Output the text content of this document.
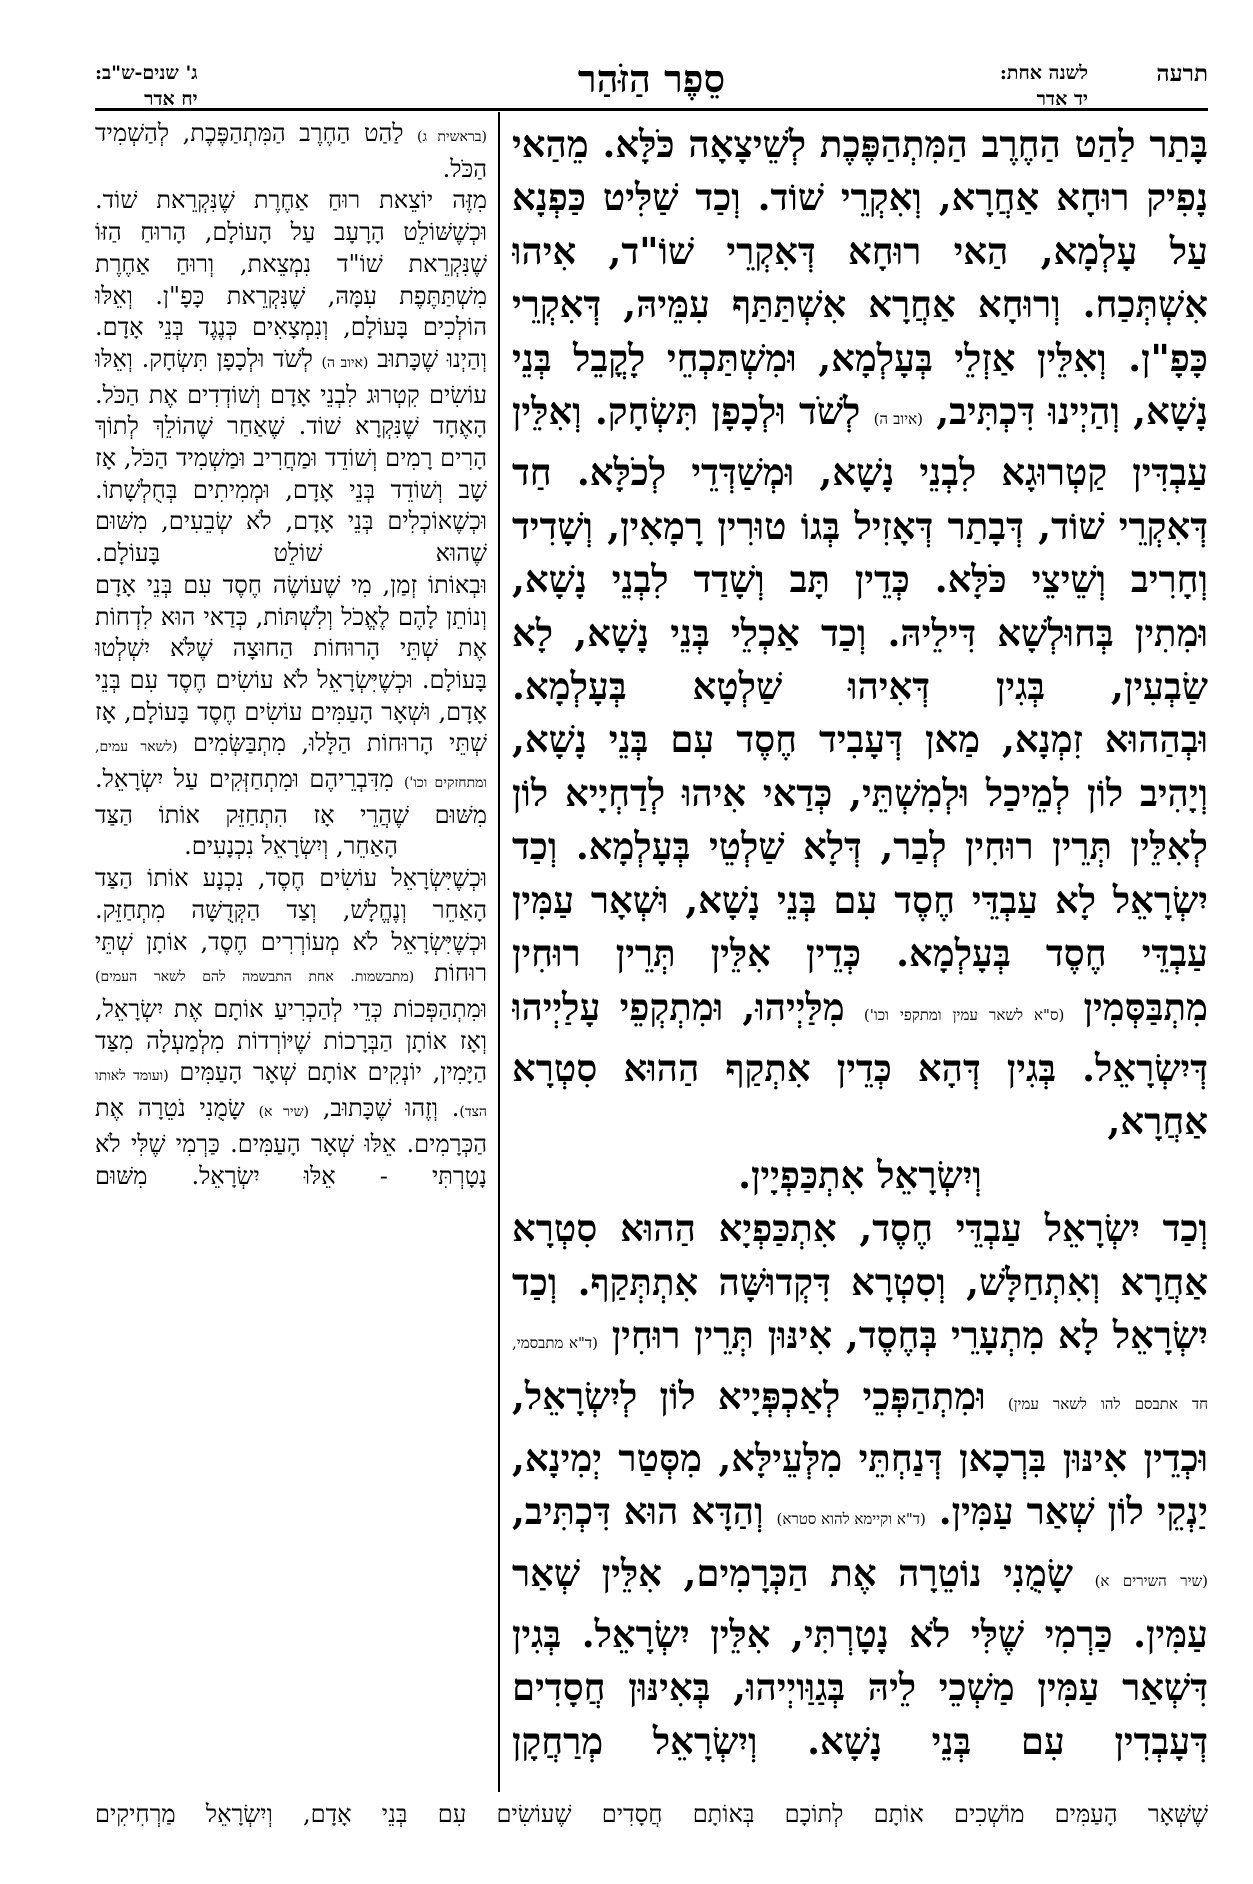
תרעה
לשנה אחת:
יד אדר
סֵפֶר הַזֹּהַר
ג' שנים-ש"ב:
יח אדר

בָּתַר לַהַט הַחֶרֶב הַמִּתְהַפֶּכֶת לְשֵׁיצָאָה כֹּלָּא. מֵהַאי נָפִיק רוּחָא אַחֲרָא, וְאִקְרֵי שׁוֹד. וְכַד שַׁלִּיט כַּפְנָא עַל עָלְמָא, הַאי רוּחָא דְּאִקְרֵי שׁוֹ"ד, אִיהוּ אִשְׁתְּכַח. וְרוּחָא אַחֲרָא אִשְׁתַּתַּף עִמֵּיהּ, דְּאִקְרֵי כָּפָ"ן. וְאִלֵּין אַזְלֵי בְּעָלְמָא, וּמִשְׁתַּכְחֵי לָקֳבֵל בְּנֵי נָשָׁא, וְהַיְינוּ דִּכְתִּיב, (איוב ה) לְשֹׁד וּלְכָפָן תִּשְׂחָק. וְאִלֵּין עַבְדִּין קַטְרוּגָא לִבְנֵי נָשָׁא, וּמְשַׁדְּדֵי לְכֹלָּא. חַד דְּאִקְרֵי שׁוֹד, דְּבָתַר דְּאָזִיל בְּגוֹ טוּרִין רָמָאִין, וְשָׁדִיד וְחָרִיב וְשֵׁיצֵי כֹּלָּא. כְּדֵין תָּב וְשָׁדַד לִבְנֵי נָשָׁא, וּמִתִין בְּחוּלְשָׁא דִּילֵיהּ. וְכַד אַכְלֵי בְּנֵי נָשָׁא, לָא שַׂבְעִין, בְּגִין דְּאִיהוּ שַׁלְטָא בְּעָלְמָא.

וּבְהַהוּא זִמְנָא, מַאן דְּעָבִיד חֶסֶד עִם בְּנֵי נָשָׁא, וְיָהִיב לוֹן לְמֵיכַל וּלְמִשְׁתֵּי, כְּדַאי אִיהוּ לְדַחְיָיא לוֹן לְאִלֵּין תְּרֵין רוּחִין לְבַר, דְּלָא שַׁלְטֵי בְּעָלְמָא. וְכַד יִשְׂרָאֵל לָא עַבְדֵּי חֶסֶד עִם בְּנֵי נָשָׁא, וּשְׁאָר עַמִּין עַבְדֵּי חֶסֶד בְּעָלְמָא. כְּדֵין אִלֵּין תְּרֵין רוּחִין מִתְבַּסְּמִין (ס"א לשאר עמין ומתקפי וכו') מִלַּיְיהוּ, וּמִתְקְפֵי עָלַיְיהוּ דְּיִשְׂרָאֵל. בְּגִין דְּהָא כְּדֵין אִתְקַף הַהוּא סִטְרָא אַחֲרָא,

וְיִשְׂרָאֵל אִתְכַּפְיָין.

וְכַד יִשְׂרָאֵל עַבְדֵּי חֶסֶד, אִתְכַּפְיָא הַהוּא סִטְרָא אַחֲרָא וְאִתְחַלָּשׁ, וְסִטְרָא דִּקְדוּשָּׁה אִתְתְּקַף. וְכַד יִשְׂרָאֵל לָא מִתְעָרֵי בְּחֶסֶד, אִינּוּן תְּרֵין רוּחִין (ד"א מתבסמי, חד אתבסם להו לשאר עמין) וּמִתְהַפְּכֵי לְאַכְפְּיָיא לוֹן לְיִשְׂרָאֵל, וּכְדֵין אִינּוּן בִּרְכָאן דְּנַחְתֵּי מִלְּעֵילָּא, מִסְּטַר יְמִינָא, יַנְקֵי לוֹן שְׁאַר עַמִּין. (ד"א וקיימא להוא סטרא) וְהַדָּא הוּא דִּכְתִּיב, (שיר השירים א) שָׂמֻנִי נוֹטֵרָה אֶת הַכְּרָמִים, אִלֵּין שְׁאַר עַמִּין. כַּרְמִי שֶׁלִּי לֹא נָטָרְתִּי, אִלֵּין יִשְׂרָאֵל. בְּגִין דִּשְׁאַר עַמִּין מַשְׁכֵי לֵיהּ בְּגַוַּויְיהוּ, בְּאִינּוּן חֲסָדִים דְּעָבְדִין עִם בְּנֵי נָשָׁא. וְיִשְׂרָאֵל מְרַחֲקָן

(בראשית ג) לַהַט הַחֶרֶב הַמִּתְהַפֶּכֶת, לְהַשְׁמִיד הַכֹּל.

מִזֶּה יוֹצֵאת רוּחַ אַחֶרֶת שֶׁנִּקְרֵאת שׁוֹד. וּכְשֶׁשּׁוֹלֵט הָרָעָב עַל הָעוֹלָם, הָרוּחַ הַזּוֹ שֶׁנִּקְרֵאת שׁוֹ"ד נִמְצֵאת, וְרוּחַ אַחֶרֶת מִשְׁתַּתֶּפֶת עִמָּהּ, שֶׁנִּקְרֵאת כָּפָ"ן. וְאֵלּוּ הוֹלְכִים בָּעוֹלָם, וְנִמְצָאִים כְּנֶגֶד בְּנֵי אָדָם. וְהַיְנוּ שֶׁכָּתוּב (איוב ה) לְשֹׁד וּלְכָפָן תִּשְׂחָק. וְאֵלּוּ עוֹשִׂים קִטְרוּג לִבְנֵי אָדָם וְשׁוֹדְדִים אֶת הַכֹּל. הָאֶחָד שֶׁנִּקְרָא שׁוֹד. שֶׁאַחַר שֶׁהוֹלֵךְ לְתוֹךְ הָרִים רָמִים וְשׁוֹדֵד וּמַחֲרִיב וּמַשְׁמִיד הַכֹּל, אָז שָׁב וְשׁוֹדֵד בְּנֵי אָדָם, וּמְמִיתִים בְּחֻלְשָׁתוֹ. וּכְשֶׁאוֹכְלִים בְּנֵי אָדָם, לֹא שְׂבֵעִים, מִשּׁוּם שֶׁהוּא שׁוֹלֵט בָּעוֹלָם.

וּבְאוֹתוֹ זְמַן, מִי שֶׁעוֹשֶׂה חֶסֶד עִם בְּנֵי אָדָם וְנוֹתֵן לָהֶם לֶאֱכֹל וְלִשְׁתּוֹת, כְּדַאי הוּא לִדְחוֹת אֶת שְׁתֵּי הָרוּחוֹת הַחוּצָה שֶׁלֹּא יִשְׁלְטוּ בָּעוֹלָם. וּכְשֶׁיִּשְׂרָאֵל לֹא עוֹשִׂים חֶסֶד עִם בְּנֵי אָדָם, וּשְׁאָר הָעַמִּים עוֹשִׂים חֶסֶד בָּעוֹלָם, אָז שְׁתֵּי הָרוּחוֹת הַלָּלוּ, מִתְבַּשְּׂמִים (לשאר עמים, ומתחזקים וכו') מִדִּבְרֵיהֶם וּמִתְחַזְּקִים עַל יִשְׂרָאֵל. מִשּׁוּם שֶׁהֲרֵי אָז הִתְחַזֵּק אוֹתוֹ הַצַּד

הָאַחֵר, וְיִשְׂרָאֵל נִכְנָעִים.

וּכְשֶׁיִּשְׂרָאֵל עוֹשִׂים חֶסֶד, נִכְנָע אוֹתוֹ הַצַּד הָאַחֵר וְנֶחֱלָשׁ, וְצַד הַקְּדֻשָּׁה מִתְחַזֵּק. וּכְשֶׁיִּשְׂרָאֵל לֹא מְעוֹרְרִים חֶסֶד, אוֹתָן שְׁתֵּי רוּחוֹת (מתבשמות. אחת התבשמה להם לשאר העמים) וּמִתְהַפְּכוֹת כְּדֵי לְהַכְרִיעַ אוֹתָם אֶת יִשְׂרָאֵל, וְאָז אוֹתָן הַבְּרָכוֹת שֶׁיּוֹרְדוֹת מִלְמַעְלָה מִצַּד הַיָּמִין, יוֹנְקִים אוֹתָם שְׁאָר הָעַמִּים (ועומד לאותו הצד). וְזֶהוּ שֶׁכָּתוּב, (שיר א) שָׂמֻנִי נֹטֵרָה אֶת הַכְּרָמִים. אֵלּוּ שְׁאָר הָעַמִּים. כַּרְמִי שֶׁלִּי לֹא נָטָרְתִּי - אֵלּוּ יִשְׂרָאֵל. מִשּׁוּם

שֶׁשְּׁאָר הָעַמִּים מוֹשְׁכִים אוֹתָם לְתוֹכָם בְּאוֹתָם חֲסָדִים שֶׁעוֹשִׂים עִם בְּנֵי אָדָם, וְיִשְׂרָאֵל מַרְחִיקִים
